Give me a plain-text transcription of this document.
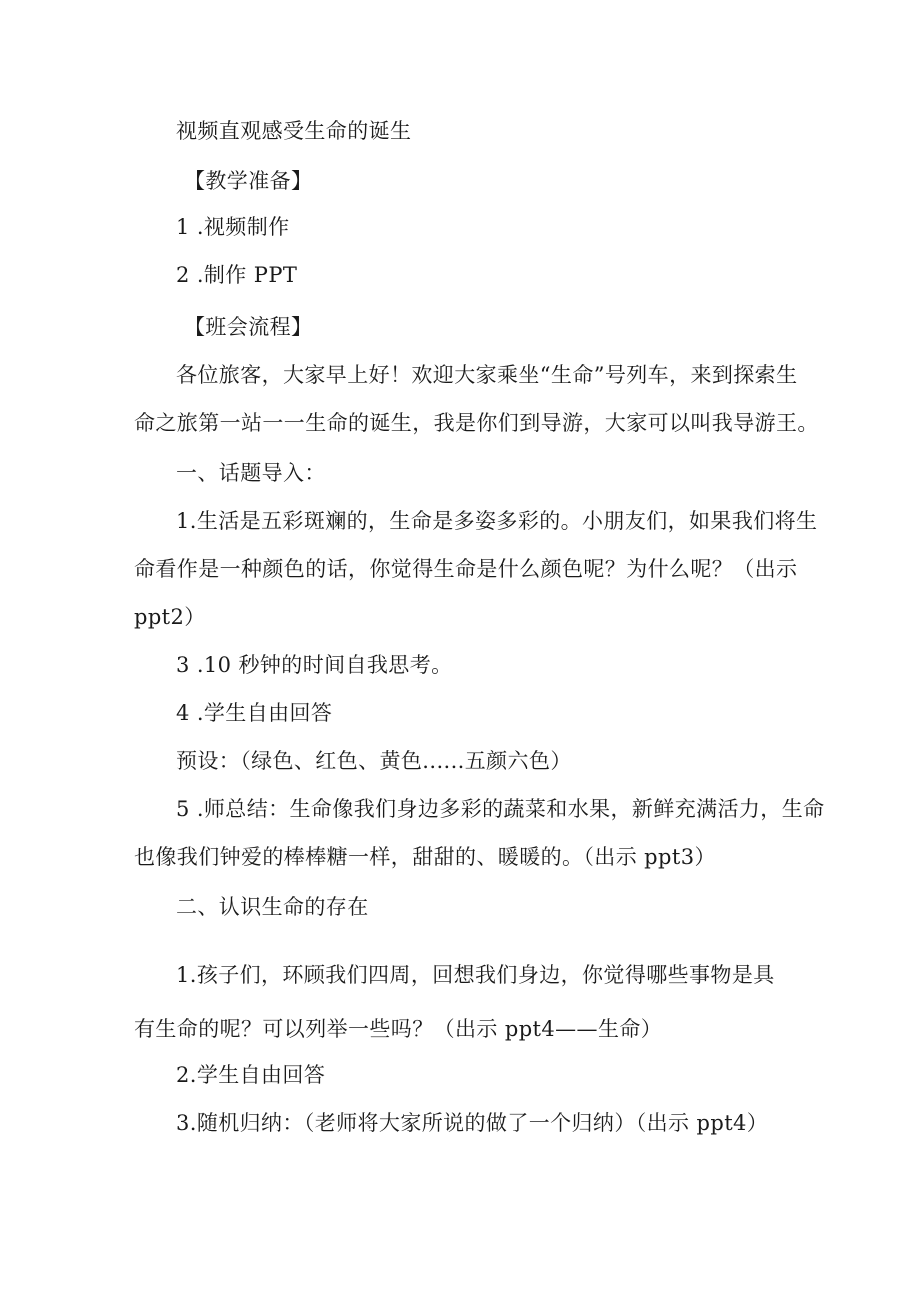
视频直观感受生命的诞生
【教学准备】
1 .视频制作
2 .制作 PPT
【班会流程】
各位旅客，大家早上好！欢迎大家乘坐“生命”号列车，来到探索生
命之旅第一站一一生命的诞生，我是你们到导游，大家可以叫我导游王。
一、话题导入：
1.生活是五彩斑斓的，生命是多姿多彩的。小朋友们，如果我们将生
命看作是一种颜色的话，你觉得生命是什么颜色呢？为什么呢？（出示
ppt2）
3 .10 秒钟的时间自我思考。
4 .学生自由回答
预设：（绿色、红色、黄色......五颜六色）
5 .师总结：生命像我们身边多彩的蔬菜和水果，新鲜充满活力，生命
也像我们钟爱的棒棒糖一样，甜甜的、暖暖的。（出示 ppt3）
二、认识生命的存在
1.孩子们，环顾我们四周，回想我们身边，你觉得哪些事物是具
有生命的呢？可以列举一些吗？（出示 ppt4——生命）
2.学生自由回答
3.随机归纳：（老师将大家所说的做了一个归纳）（出示 ppt4）
